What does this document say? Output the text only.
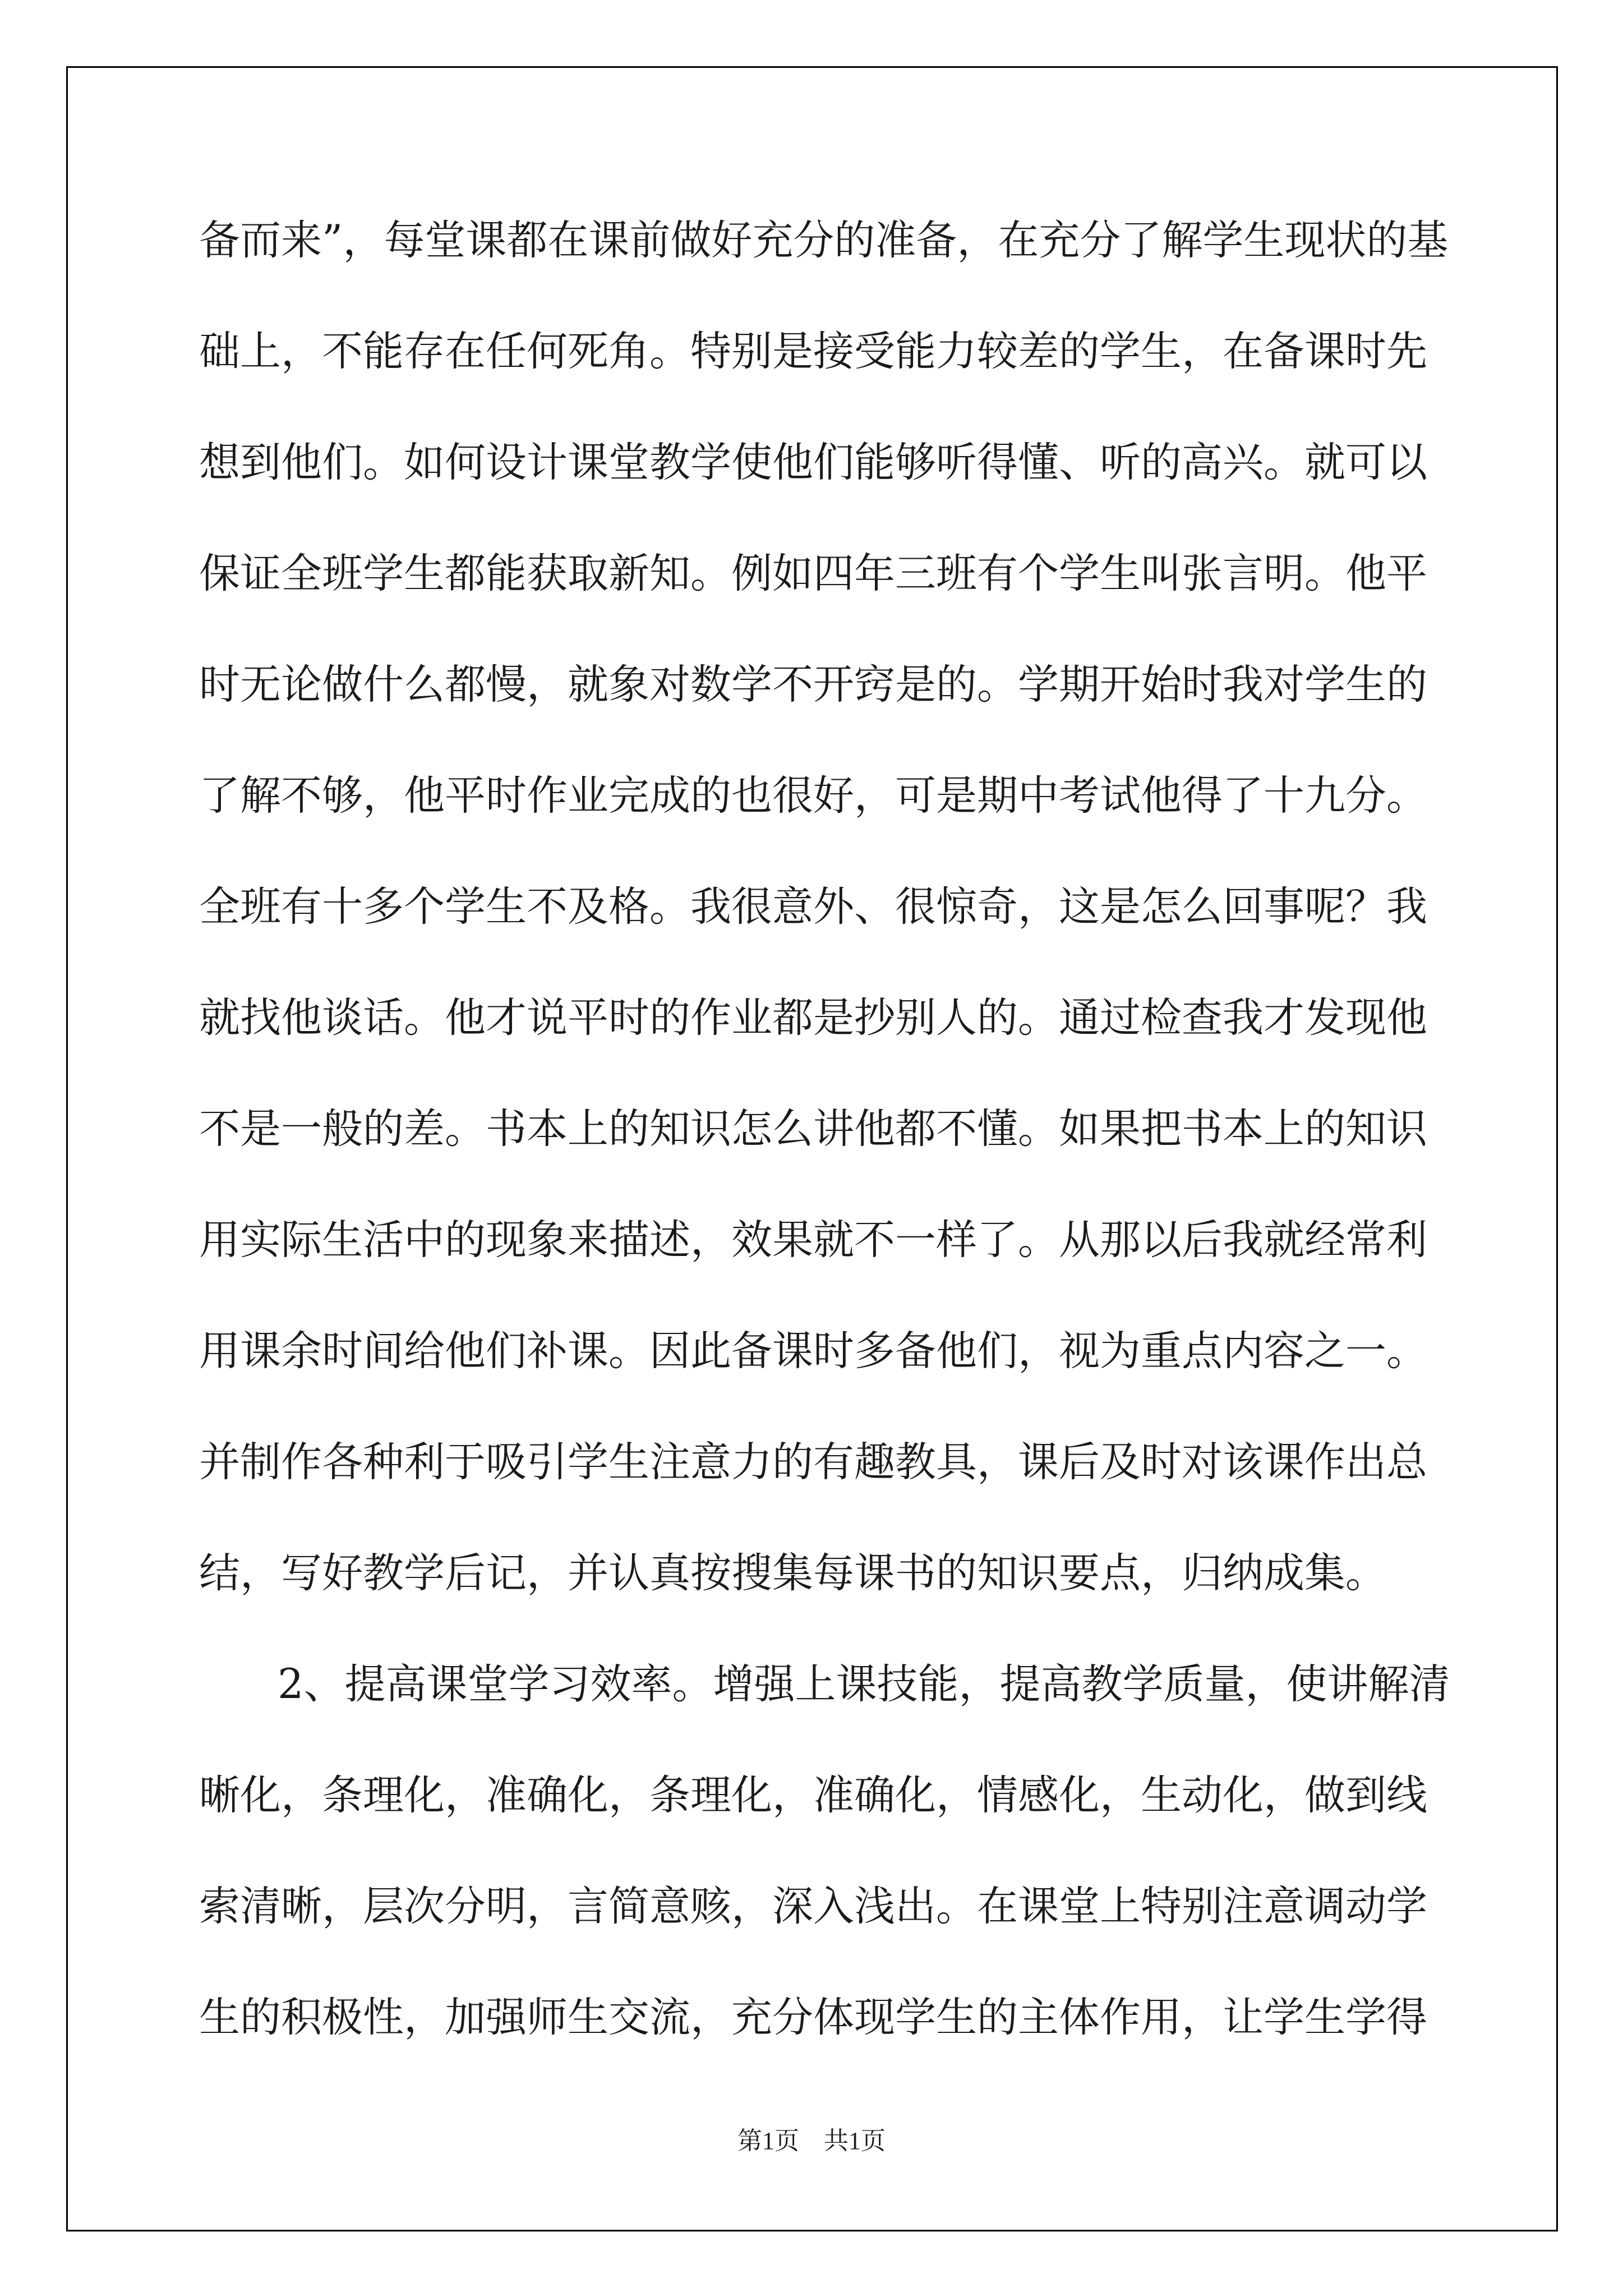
备而来”，每堂课都在课前做好充分的准备，在充分了解学生现状的基
础上，不能存在任何死角。特别是接受能力较差的学生，在备课时先
想到他们。如何设计课堂教学使他们能够听得懂、听的高兴。就可以
保证全班学生都能获取新知。例如四年三班有个学生叫张言明。他平
时无论做什么都慢，就象对数学不开窍是的。学期开始时我对学生的
了解不够，他平时作业完成的也很好，可是期中考试他得了十九分。
全班有十多个学生不及格。我很意外、很惊奇，这是怎么回事呢？我
就找他谈话。他才说平时的作业都是抄别人的。通过检查我才发现他
不是一般的差。书本上的知识怎么讲他都不懂。如果把书本上的知识
用实际生活中的现象来描述，效果就不一样了。从那以后我就经常利
用课余时间给他们补课。因此备课时多备他们，视为重点内容之一。
并制作各种利于吸引学生注意力的有趣教具，课后及时对该课作出总
结，写好教学后记，并认真按搜集每课书的知识要点，归纳成集。
2、提高课堂学习效率。增强上课技能，提高教学质量，使讲解清
晰化，条理化，准确化，条理化，准确化，情感化，生动化，做到线
索清晰，层次分明，言简意赅，深入浅出。在课堂上特别注意调动学
生的积极性，加强师生交流，充分体现学生的主体作用，让学生学得
第1页　共1页
